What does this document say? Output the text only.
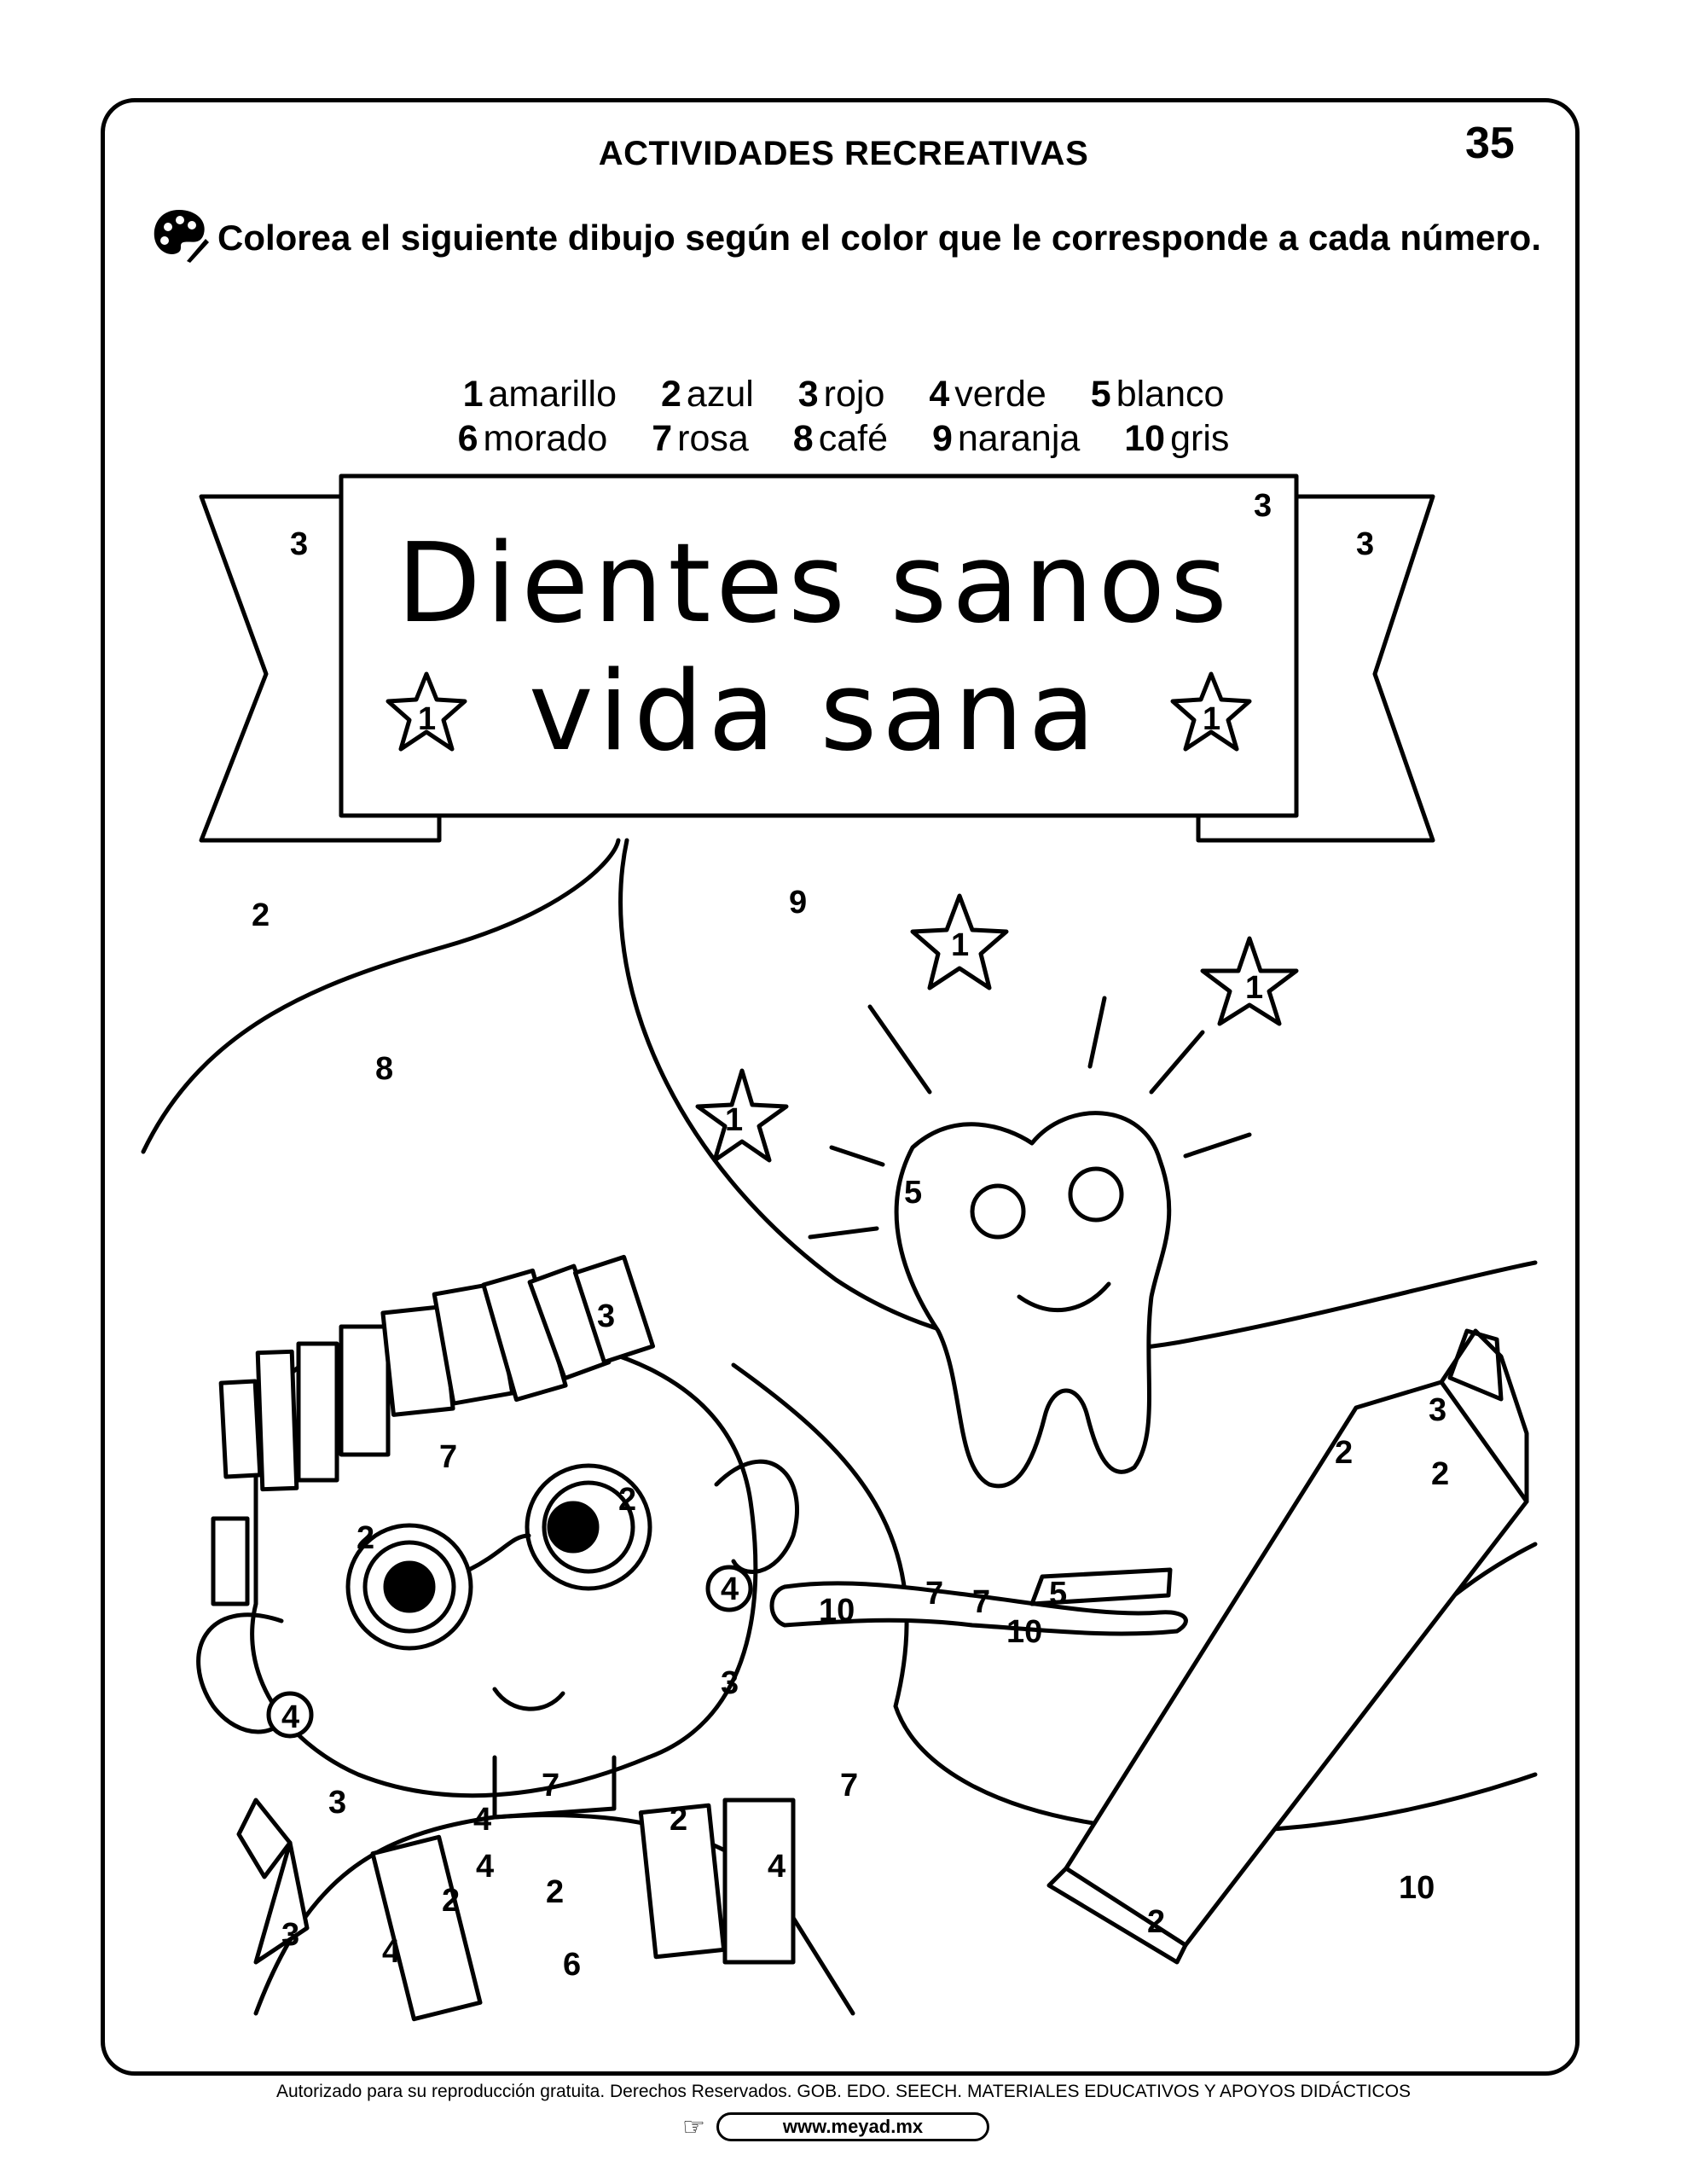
ACTIVIDADES RECREATIVAS	35
Colorea el siguiente dibujo según el color que le corresponde a cada número.
1 amarillo 2 azul 3 rojo 4 verde 5 blanco
6 morado 7 rosa 8 café 9 naranja 10 gris
3	3
3
1	1
2
8
9
1
1
1
5
3
7
4
4
2
2
10 7 7 5
10
3
7
7
4
4
2	2
2
4
4	6
3
3
3
2
2
2
10
Dientes sanos
vida sana
Autorizado para su reproducción gratuita. Derechos Reservados. GOB. EDO. SEECH. MATERIALES EDUCATIVOS Y APOYOS DIDÁCTICOS
☞	www.meyad.mx
